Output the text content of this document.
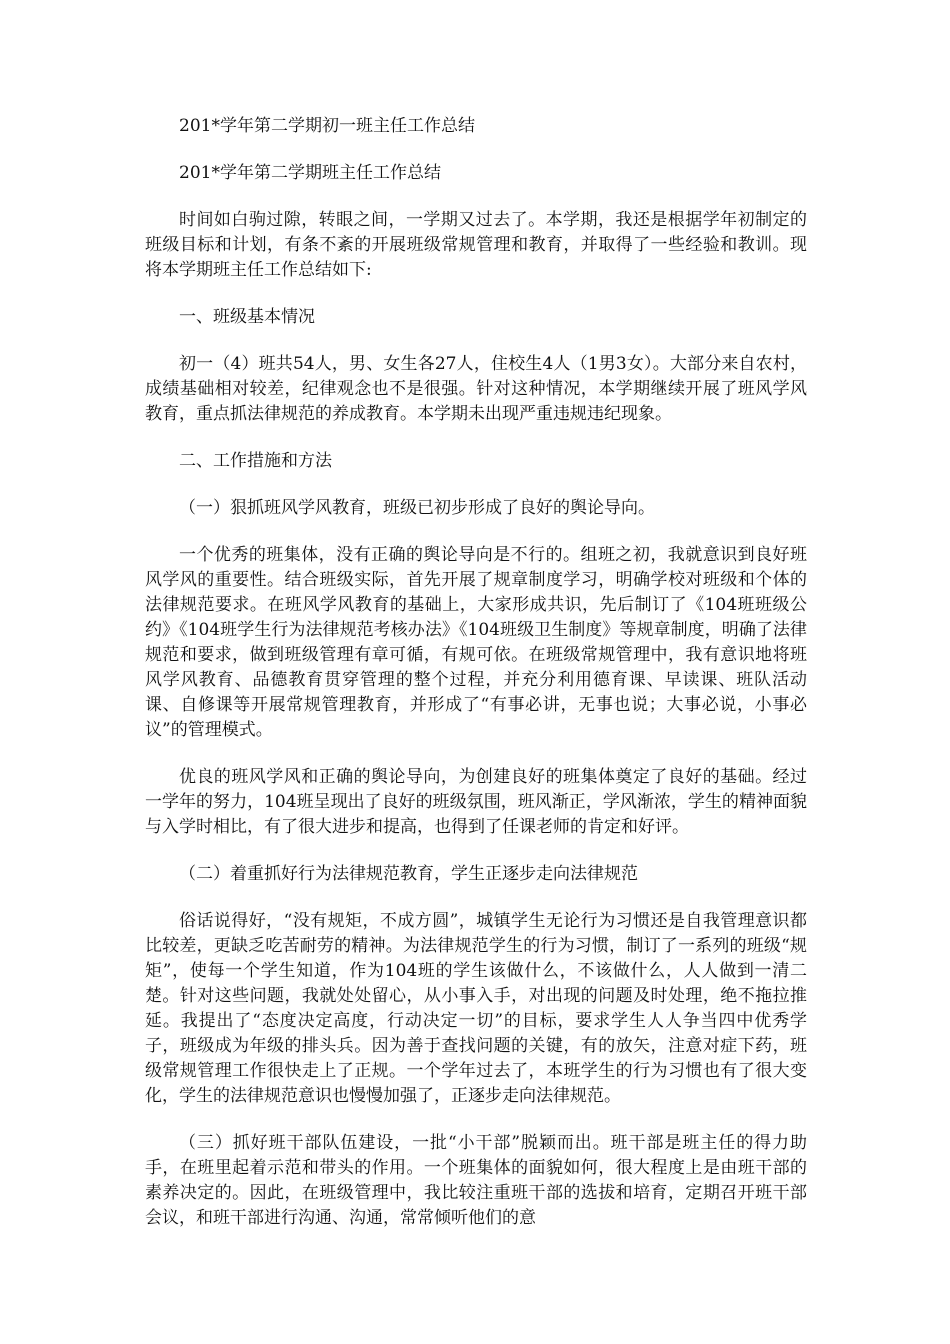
201*学年第二学期初一班主任工作总结
201*学年第二学期班主任工作总结
时间如白驹过隙，转眼之间，一学期又过去了。本学期，我还是根据学年初制定的班级目标和计划，有条不紊的开展班级常规管理和教育，并取得了一些经验和教训。现将本学期班主任工作总结如下:
一、班级基本情况
初一（4）班共54人，男、女生各27人，住校生4人（1男3女）。大部分来自农村，成绩基础相对较差，纪律观念也不是很强。针对这种情况，本学期继续开展了班风学风教育，重点抓法律规范的养成教育。本学期未出现严重违规违纪现象。
二、工作措施和方法
（一）狠抓班风学风教育，班级已初步形成了良好的舆论导向。
一个优秀的班集体，没有正确的舆论导向是不行的。组班之初，我就意识到良好班风学风的重要性。结合班级实际，首先开展了规章制度学习，明确学校对班级和个体的法律规范要求。在班风学风教育的基础上，大家形成共识，先后制订了《104班班级公约》《104班学生行为法律规范考核办法》《104班级卫生制度》等规章制度，明确了法律规范和要求，做到班级管理有章可循，有规可依。在班级常规管理中，我有意识地将班风学风教育、品德教育贯穿管理的整个过程，并充分利用德育课、早读课、班队活动课、自修课等开展常规管理教育，并形成了“有事必讲，无事也说；大事必说，小事必议”的管理模式。
优良的班风学风和正确的舆论导向，为创建良好的班集体奠定了良好的基础。经过一学年的努力，104班呈现出了良好的班级氛围，班风渐正，学风渐浓，学生的精神面貌与入学时相比，有了很大进步和提高，也得到了任课老师的肯定和好评。
（二）着重抓好行为法律规范教育，学生正逐步走向法律规范
俗话说得好，“没有规矩，不成方圆”，城镇学生无论行为习惯还是自我管理意识都比较差，更缺乏吃苦耐劳的精神。为法律规范学生的行为习惯，制订了一系列的班级“规矩”，使每一个学生知道，作为104班的学生该做什么，不该做什么，人人做到一清二楚。针对这些问题，我就处处留心，从小事入手，对出现的问题及时处理，绝不拖拉推延。我提出了“态度决定高度，行动决定一切”的目标，要求学生人人争当四中优秀学子，班级成为年级的排头兵。因为善于查找问题的关键，有的放矢，注意对症下药，班级常规管理工作很快走上了正规。一个学年过去了，本班学生的行为习惯也有了很大变化，学生的法律规范意识也慢慢加强了，正逐步走向法律规范。
（三）抓好班干部队伍建设，一批“小干部”脱颖而出。班干部是班主任的得力助手，在班里起着示范和带头的作用。一个班集体的面貌如何，很大程度上是由班干部的素养决定的。因此，在班级管理中，我比较注重班干部的选拔和培育，定期召开班干部会议，和班干部进行沟通、沟通，常常倾听他们的意
